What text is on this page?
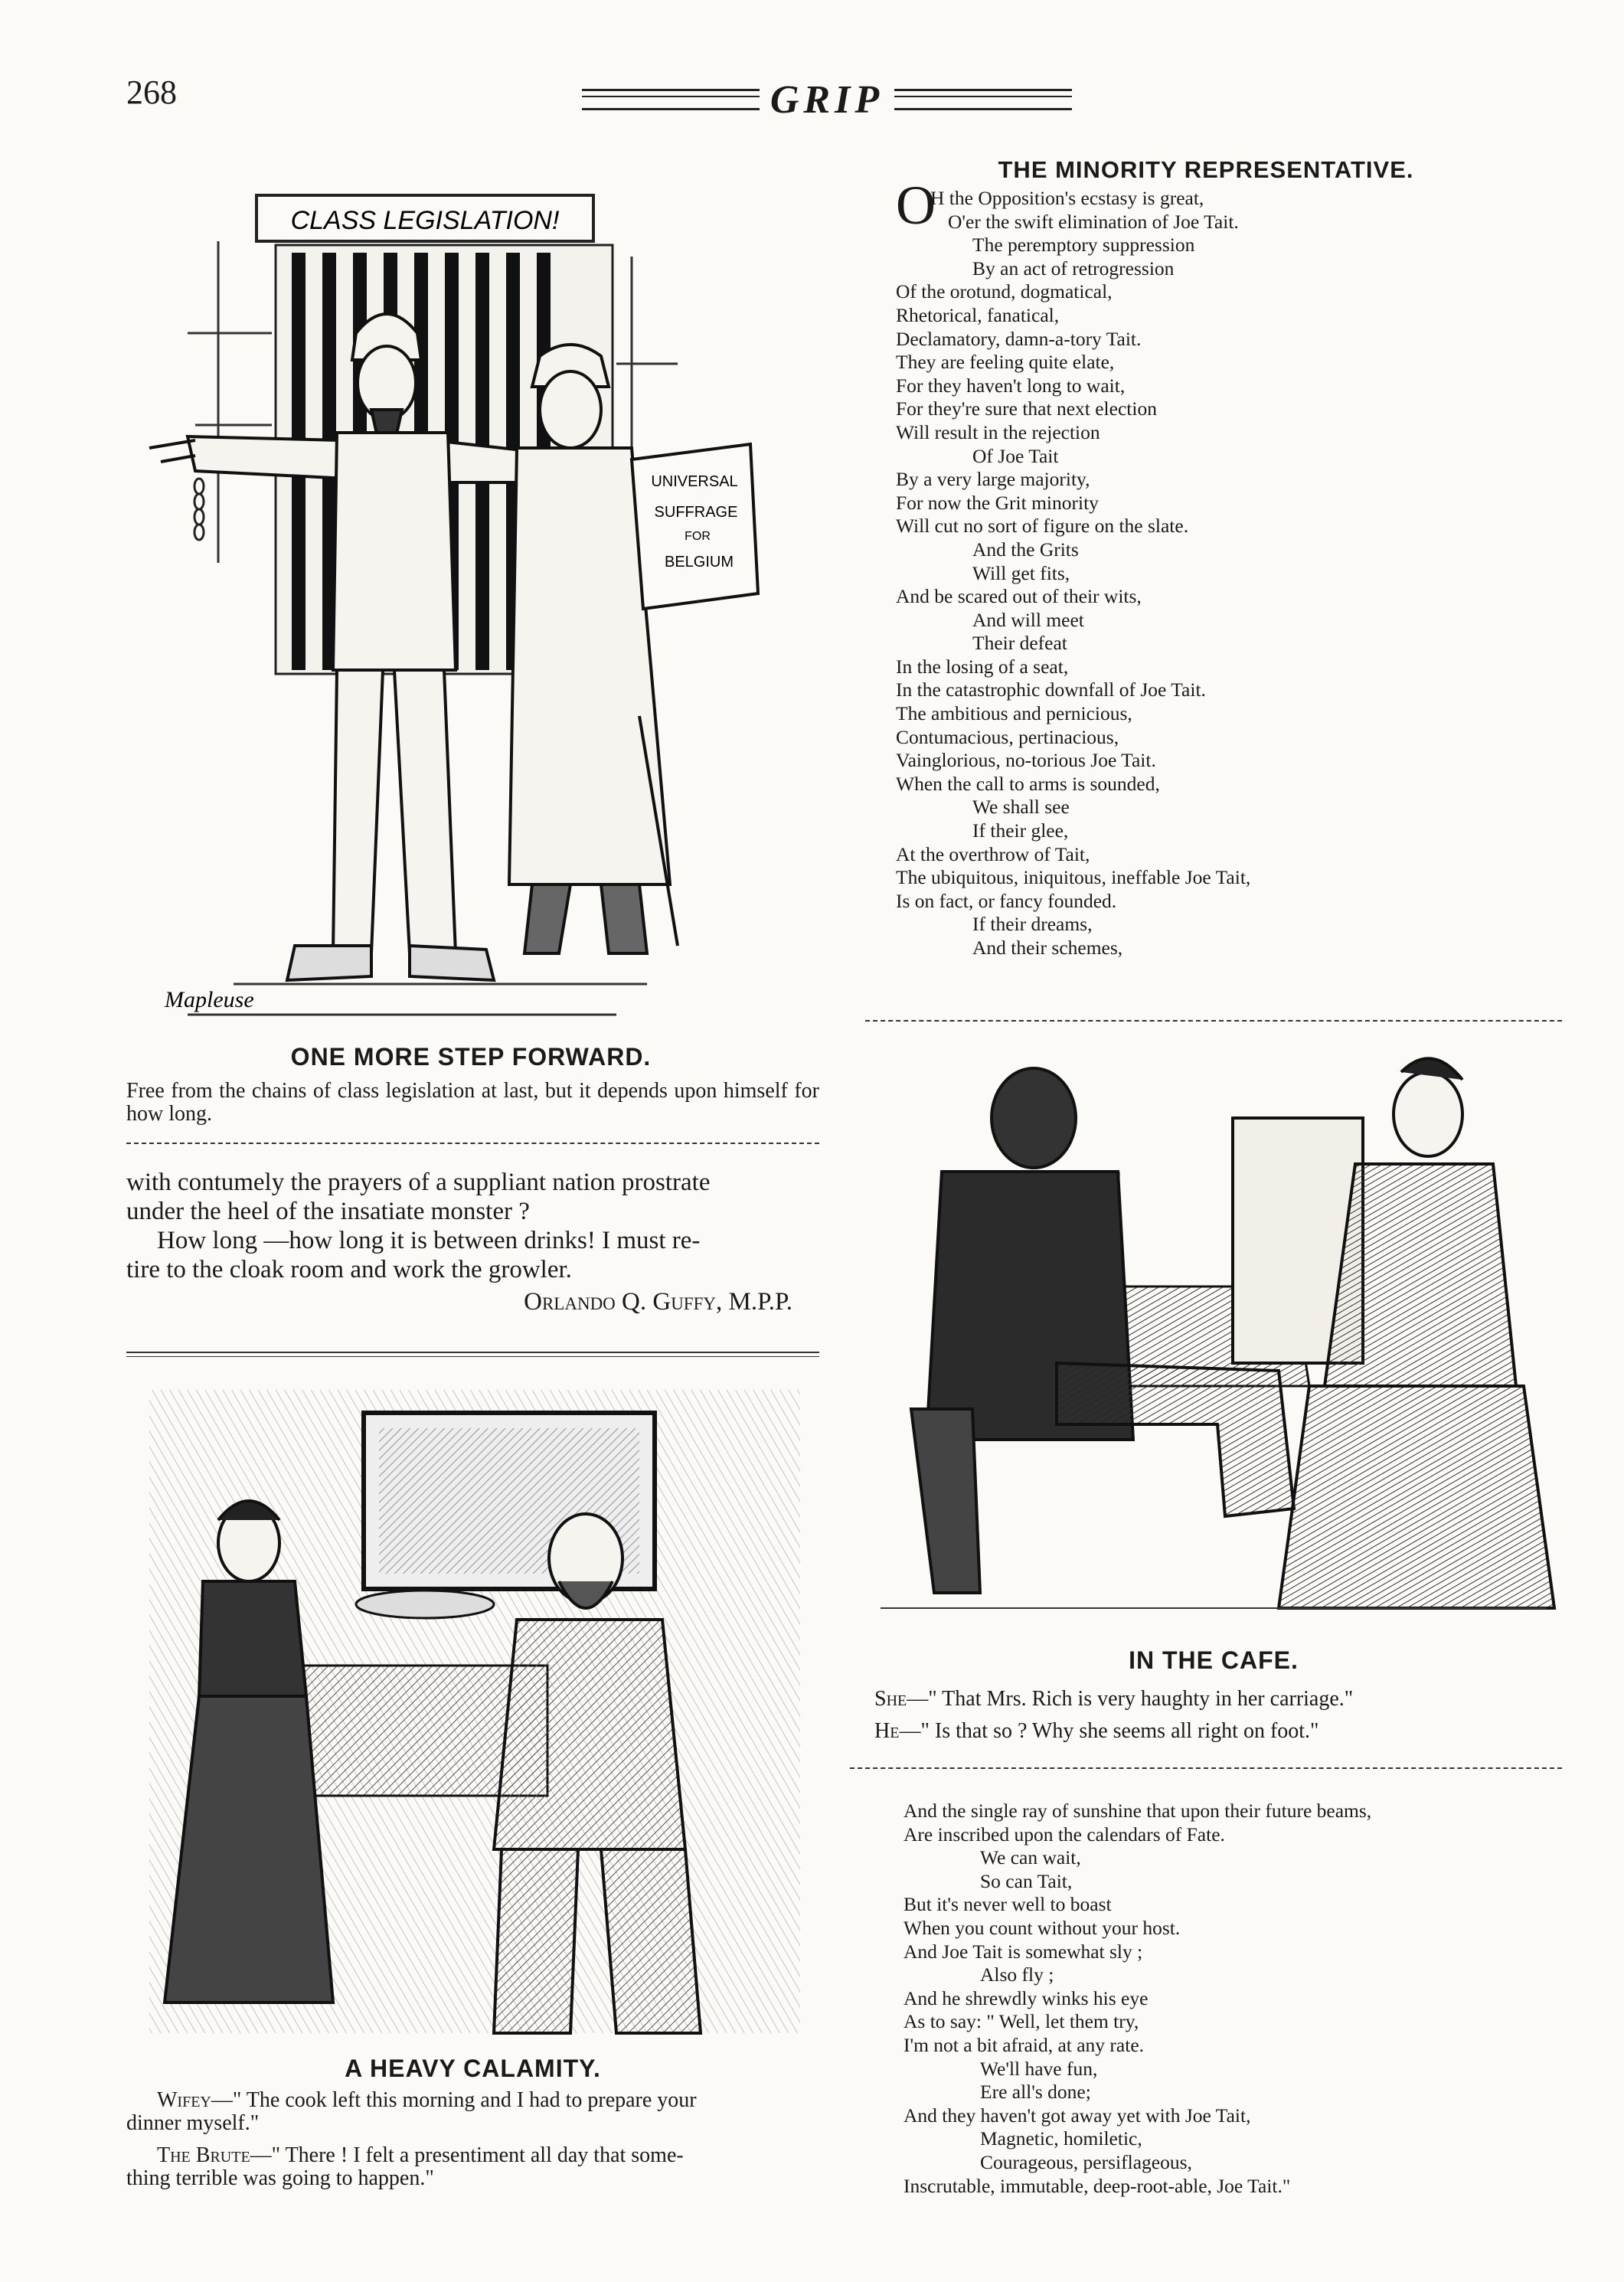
268	GRIP
CLASS LEGISLATION!
UNIVERSAL
SUFFRAGE
FOR
BELGIUM
Mapleuse
ONE MORE STEP FORWARD.
Free from the chains of class legislation at last, but it depends upon himself for how long.
with contumely the prayers of a suppliant nation prostrate
under the heel of the insatiate monster ?
How long —how long it is between drinks! I must re-
tire to the cloak room and work the growler.
Orlando Q. Guffy, M.P.P.
A HEAVY CALAMITY.
Wifey—" The cook left this morning and I had to prepare your
dinner myself."
The Brute—" There ! I felt a presentiment all day that some-
thing terrible was going to happen."
THE MINORITY REPRESENTATIVE.
O
H the Opposition's ecstasy is great,
O'er the swift elimination of Joe Tait.
The peremptory suppression
By an act of retrogression
Of the orotund, dogmatical,
Rhetorical, fanatical,
Declamatory, damn-a-tory Tait.
They are feeling quite elate,
For they haven't long to wait,
For they're sure that next election
Will result in the rejection
Of Joe Tait
By a very large majority,
For now the Grit minority
Will cut no sort of figure on the slate.
And the Grits
Will get fits,
And be scared out of their wits,
And will meet
Their defeat
In the losing of a seat,
In the catastrophic downfall of Joe Tait.
The ambitious and pernicious,
Contumacious, pertinacious,
Vainglorious, no-torious Joe Tait.
When the call to arms is sounded,
We shall see
If their glee,
At the overthrow of Tait,
The ubiquitous, iniquitous, ineffable Joe Tait,
Is on fact, or fancy founded.
If their dreams,
And their schemes,
IN THE CAFE.
She—" That Mrs. Rich is very haughty in her carriage."
He—" Is that so ? Why she seems all right on foot."
And the single ray of sunshine that upon their future beams,
Are inscribed upon the calendars of Fate.
We can wait,
So can Tait,
But it's never well to boast
When you count without your host.
And Joe Tait is somewhat sly ;
Also fly ;
And he shrewdly winks his eye
As to say: " Well, let them try,
I'm not a bit afraid, at any rate.
We'll have fun,
Ere all's done;
And they haven't got away yet with Joe Tait,
Magnetic, homiletic,
Courageous, persiflageous,
Inscrutable, immutable, deep-root-able, Joe Tait."
